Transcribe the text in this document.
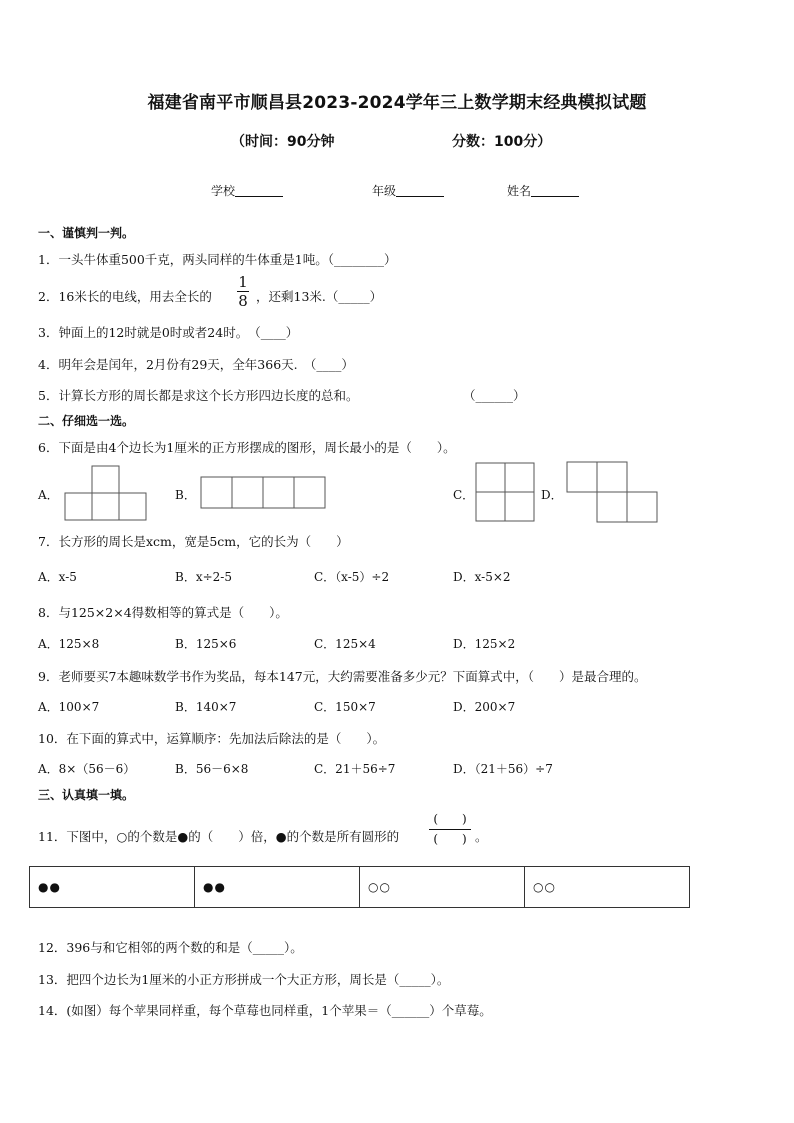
福建省南平市顺昌县2023-2024学年三上数学期末经典模拟试题
（时间：90分钟	分数：100分）
学校	年级	姓名
一、谨慎判一判。
1．一头牛体重500千克，两头同样的牛体重是1吨。（________）
2．16米长的电线，用去全长的
1
8 ，还剩13米.（_____）
3．钟面上的12时就是0时或者24时。　（____）
4．明年会是闰年，2月份有29天，全年366天.　（____）
5．计算长方形的周长都是求这个长方形四边长度的总和。	（______）
二、仔细选一选。
6．下面是由4个边长为1厘米的正方形摆成的图形，周长最小的是（　　）。
A．	B．	C．	D．
7．长方形的周长是xcm，宽是5cm，它的长为（　　）
A．x-5	B．x÷2-5	C．（x-5）÷2	D．x-5×2
8．与125×2×4得数相等的算式是（　　）。
A．125×8	B．125×6	C．125×4	D．125×2
9．老师要买7本趣味数学书作为奖品，每本147元，大约需要准备多少元？下面算式中，（　　）是最合理的。
A．100×7	B．140×7	C．150×7	D．200×7
10．在下面的算式中，运算顺序：先加法后除法的是（　　）。
A．8×（56－6）	B．56－6×8	C．21＋56÷7	D．（21＋56）÷7
三、认真填一填。
11．下图中，○的个数是●的（　　）倍，●的个数是所有圆形的
(　　)
(　　) 。
●●	●●	○○	○○
12．396与和它相邻的两个数的和是（_____）。
13．把四个边长为1厘米的小正方形拼成一个大正方形，周长是（_____）。
14．(如图）每个苹果同样重，每个草莓也同样重，1个苹果＝（______）个草莓。
